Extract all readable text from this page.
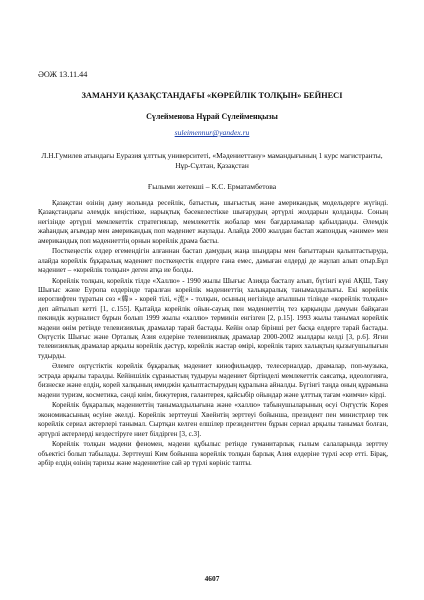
ӘОЖ 13.11.44
ЗАМАНУИ ҚАЗАҚСТАНДАҒЫ «КӨРЕЙЛІК ТОЛҚЫН» БЕЙНЕСІ
Сүлейменова Нұрай Сүлейменқызы
suleimennur@yandex.ru
Л.Н.Гумилев атындағы Еуразия ұлттық университеті, «Мәдениеттану» мамандығының 1 курс магистранты, Нұр-Сұлтан, Қазақстан
Ғылыми жетекші – К.С. Ерматамбетова

Қазақстан өзінің даму жолында ресейлік, батыстық, шығыстық және американдық модельдерге жүгінді. Қазақстандағы әлемдік кеңістікке, нарықтық бәсекелестікке шығарудың әртүрлі жолдарын қолданды. Соның негізінде әртүрлі мемлекеттік стратегиялар, мемлекеттік жобалар мен бағдарламалар қабылданды. Әлемдік жаһандық ағымдар мен американдық поп мәдениет жаулады. Алайда 2000 жылдан бастап жапондық «аниме» мен американдық поп мәдениеттің орнын корейлік драма басты.

Посткеңестік елдер егемендігін алғаннан бастап дамудың жаңа шыңдары мен бағыттарын қалыптастыруда, алайда корейлік бұқаралық мәдениет посткеңестік елдерге ғана емес, дамыған елдерді де жаулап алып отыр.Бұл мәдениет – «корейлік толқын» деген атқа ие болды.

Корейлік толқын, корейлік тілде «Халлю» - 1990 жылы Шығыс Азияда басталу алып, бүгінгі күні АҚШ, Таяу Шығыс және Еуропа елдерінде таралған корейлік мәдениеттің халықаралық танымалдылығы. Екі корейлік иероглифтен тұратын сөз «韓» - корей тілі, «流» - толқын, осының негізінде ағылшын тілінде «корейлік толқын» деп айтылып кетті [1, с.155]. Қытайда корейлік ойын-сауық пен мәдениеттің тез қарқынды дамуын байқаған пекиндік журналист бұрын болып 1999 жылы «халлю» терминін енгізген [2, р.15]. 1993 жылы танымал корейлік мәдени өнім ретінде телевизиялық драмалар тарай бастады. Кейін олар бірінші рет басқа елдерге тарай бастады. Оңтүстік Шығыс және Орталық Азия елдеріне телевизиялық драмалар 2000-2002 жылдары келді [3, р.6]. Яғни телевизиялық драмалар арқылы корейлік дәстүр, корейлік жастар өмірі, корейлік тарих халықтың қызығушылығын тудырды.

Әлемге оңтүстіктік корейлік бұқаралық мәдениет кинофильмдер, телесериалдар, драмалар, поп-музыка, эстрада арқылы таралды. Кейіншілік сұраныстың тудыруы мәдениет біртінделі мемлекеттік саясатқа, идеологияға, бизнеске және елдің, корей халқының имиджін қалыптастырудың құралына айналды. Бүгінгі таңда оның құрамына мәдени туризм, косметика, сәнді киім, бижутерия, галантерея, қайсыбір ойындар және ұлттық тағам «кимчи» кірді.

Корейлік бұқаралық мәдениеттің танымалдылығына және «халлю» табынушыларының өсуі Оңтүстік Корея экономикасының өсуіне әкелді. Корейлік зерттеуші Хвейнтің зерттеуі бойынша, президент пен министрлер тек корейлік сериал актерлері танымал. Сыртқан келген елшілер президенттен бұрын сериал арқылы танымал болған, әртүрлі актерлерді кездестіруге ниет білдірген [3, с.3].

Корейлік толқын мәдени феномен, мәдени құбылыс ретінде гуманитарлық ғылым салаларында зерттеу объектісі болып табылады. Зерттеуші Ким бойынша корейлік толқын барлық Азия елдеріне түрлі әсер етті. Бірақ, әрбір елдің өзінің тарихы және мәдениетіне сай әр түрлі көрініс тапты.

4607
